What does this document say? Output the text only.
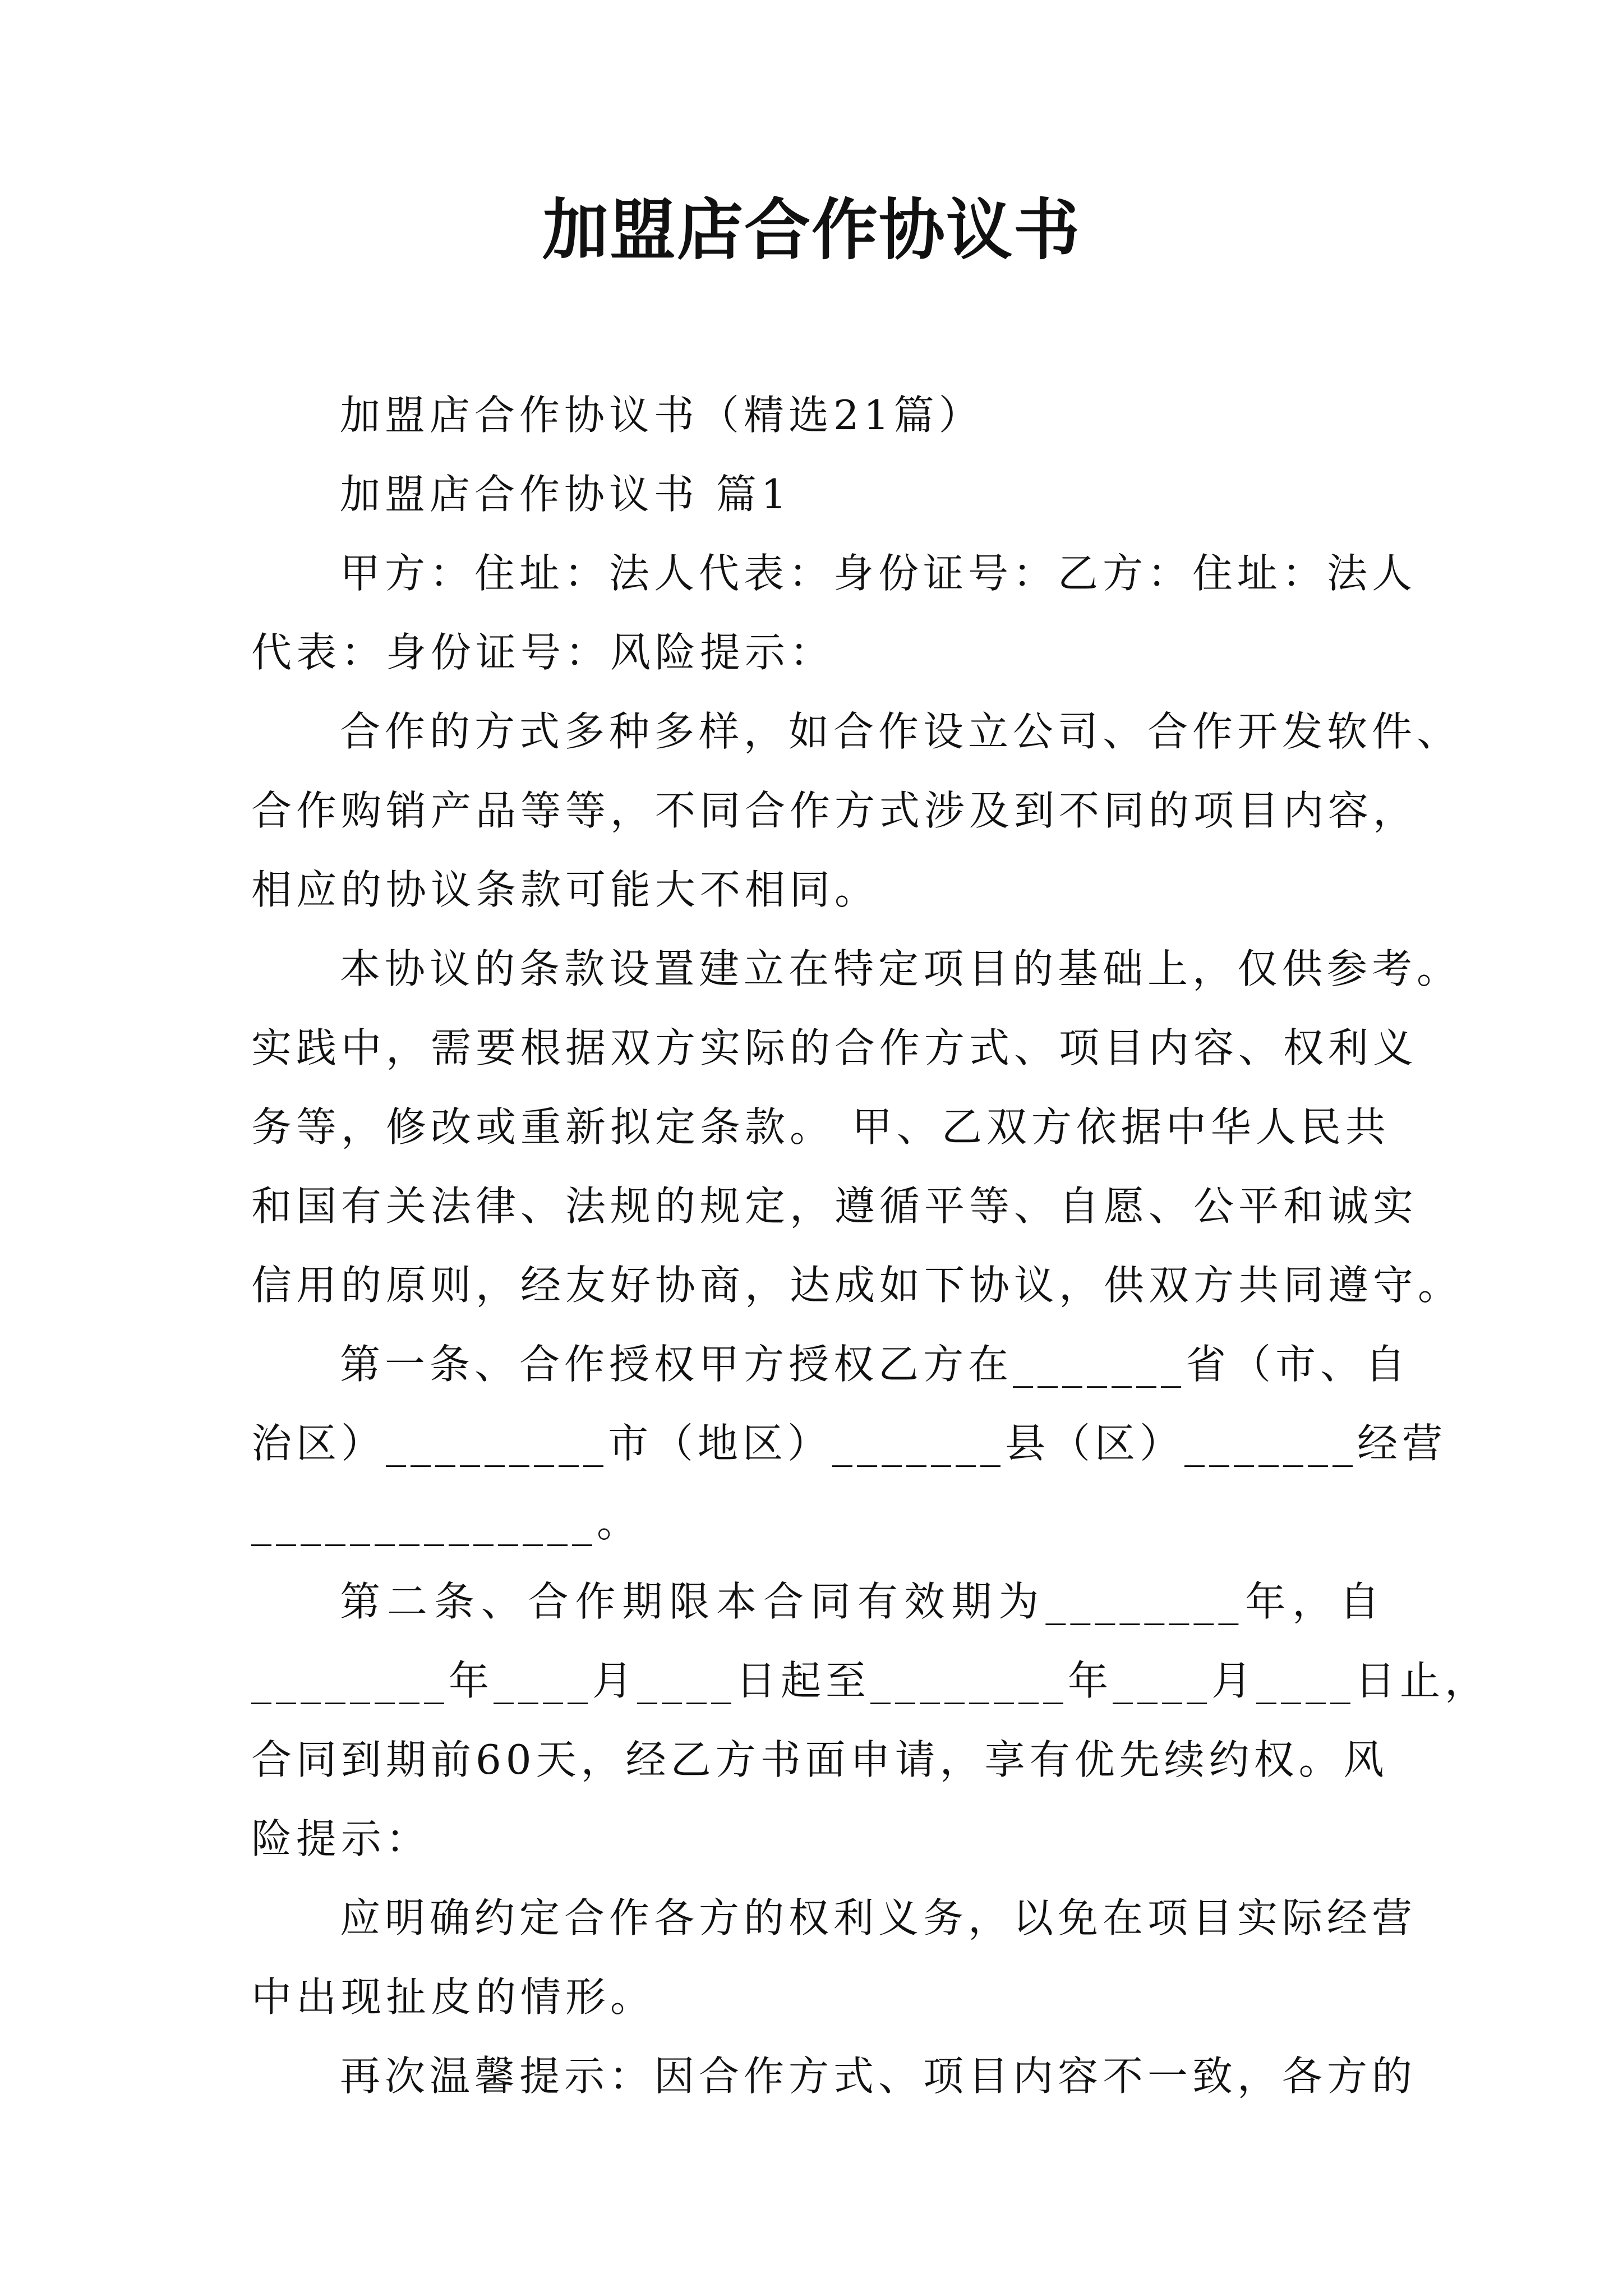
加盟店合作协议书
加盟店合作协议书（精选21篇）
加盟店合作协议书 篇1
甲方：住址：法人代表：身份证号：乙方：住址：法人
代表：身份证号：风险提示：
合作的方式多种多样，如合作设立公司、合作开发软件、
合作购销产品等等，不同合作方式涉及到不同的项目内容，
相应的协议条款可能大不相同。
本协议的条款设置建立在特定项目的基础上，仅供参考。
实践中，需要根据双方实际的合作方式、项目内容、权利义
务等，修改或重新拟定条款。 甲、乙双方依据中华人民共
和国有关法律、法规的规定，遵循平等、自愿、公平和诚实
信用的原则，经友好协商，达成如下协议，供双方共同遵守。
第一条、合作授权甲方授权乙方在_______省（市、自
治区）_________市（地区）_______县（区）_______经营
______________。
第二条、合作期限本合同有效期为________年，自
________年____月____日起至________年____月____日止，
合同到期前60天，经乙方书面申请，享有优先续约权。风
险提示：
应明确约定合作各方的权利义务，以免在项目实际经营
中出现扯皮的情形。
再次温馨提示：因合作方式、项目内容不一致，各方的
